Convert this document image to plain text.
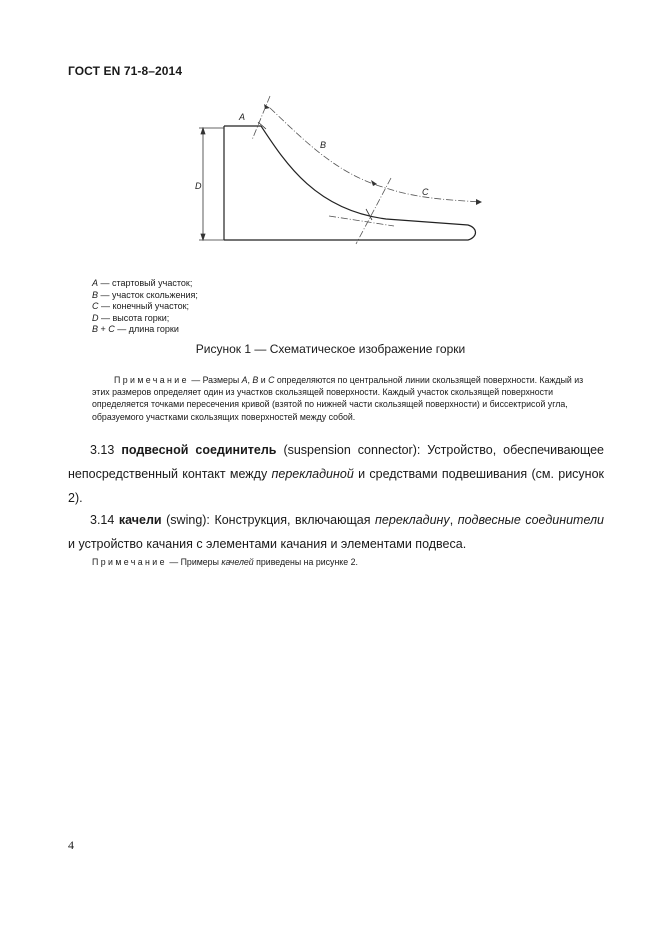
ГОСТ EN 71-8–2014
A
B
C
D
A — стартовый участок;
B — участок скольжения;
C — конечный участок;
D — высота горки;
B + C — длина горки
Рисунок 1 — Схематическое изображение горки
Примечание — Размеры A, B и C определяются по центральной линии скользящей поверхности. Каждый из этих размеров определяет один из участков скользящей поверхности. Каждый участок скользящей поверхности определяется точками пересечения кривой (взятой по нижней части скользящей поверхности) и биссектрисой угла, образуемого участками скользящих поверхностей между собой.
3.13 подвесной соединитель (suspension connector): Устройство, обеспечивающее непосредственный контакт между перекладиной и средствами подвешивания (см. рисунок 2).
3.14 качели (swing): Конструкция, включающая перекладину, подвесные соединители и устройство качания с элементами качания и элементами подвеса.
Примечание — Примеры качелей приведены на рисунке 2.
4
